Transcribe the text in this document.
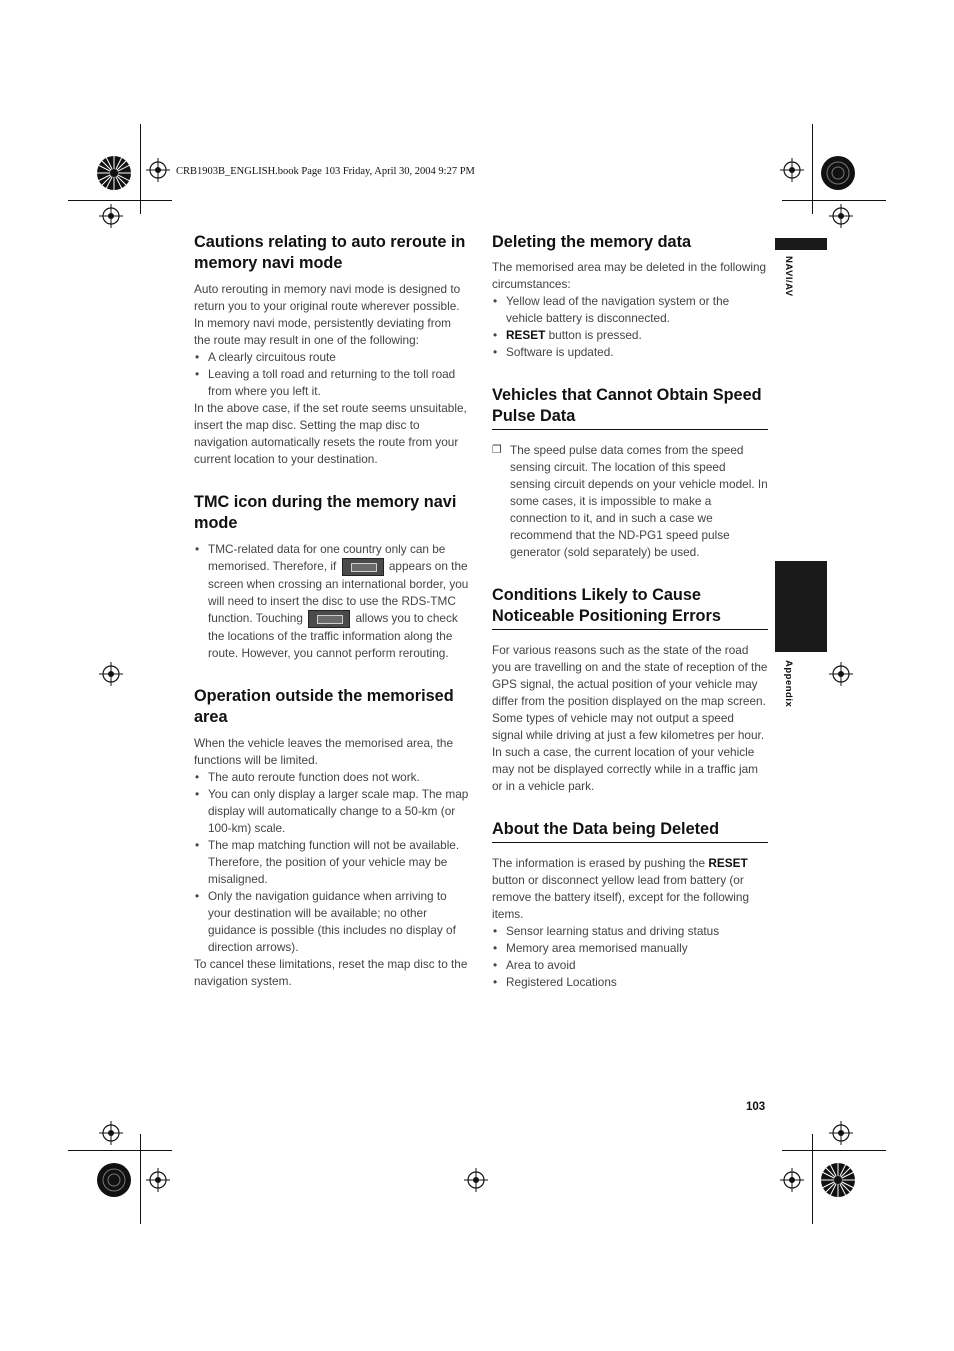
CRB1903B_ENGLISH.book Page 103 Friday, April 30, 2004 9:27 PM
NAVI/AV
Appendix
Cautions relating to auto reroute in memory navi mode

Auto rerouting in memory navi mode is designed to return you to your original route wherever possible.

In memory navi mode, persistently deviating from the route may result in one of the following:

• A clearly circuitous route
• Leaving a toll road and returning to the toll road from where you left it.

In the above case, if the set route seems unsuitable, insert the map disc. Setting the map disc to navigation automatically resets the route from your current location to your destination.

TMC icon during the memory navi mode
• TMC-related data for one country only can be memorised. Therefore, if	appears on the screen when crossing an international border, you will need to insert the disc to use the RDS-TMC function. Touching	allows you to check the locations of the traffic information along the route. However, you cannot perform rerouting.
Operation outside the memorised area

When the vehicle leaves the memorised area, the functions will be limited.

• The auto reroute function does not work.
• You can only display a larger scale map. The map display will automatically change to a 50-km (or 100-km) scale.
• The map matching function will not be available. Therefore, the position of your vehicle may be misaligned.
• Only the navigation guidance when arriving to your destination will be available; no other guidance is possible (this includes no display of direction arrows).

To cancel these limitations, reset the map disc to the navigation system.

Deleting the memory data

The memorised area may be deleted in the following circumstances:

• Yellow lead of the navigation system or the vehicle battery is disconnected.
• RESET button is pressed.
• Software is updated.
Vehicles that Cannot Obtain Speed Pulse Data
❐ The speed pulse data comes from the speed sensing circuit. The location of this speed sensing circuit depends on your vehicle model. In some cases, it is impossible to make a connection to it, and in such a case we recommend that the ND-PG1 speed pulse generator (sold separately) be used.
Conditions Likely to Cause Noticeable Positioning Errors

For various reasons such as the state of the road you are travelling on and the state of reception of the GPS signal, the actual position of your vehicle may differ from the position displayed on the map screen.

Some types of vehicle may not output a speed signal while driving at just a few kilometres per hour. In such a case, the current location of your vehicle may not be displayed correctly while in a traffic jam or in a vehicle park.

About the Data being Deleted

The information is erased by pushing the RESET button or disconnect yellow lead from battery (or remove the battery itself), except for the following items.

• Sensor learning status and driving status
• Memory area memorised manually
• Area to avoid
• Registered Locations
103
